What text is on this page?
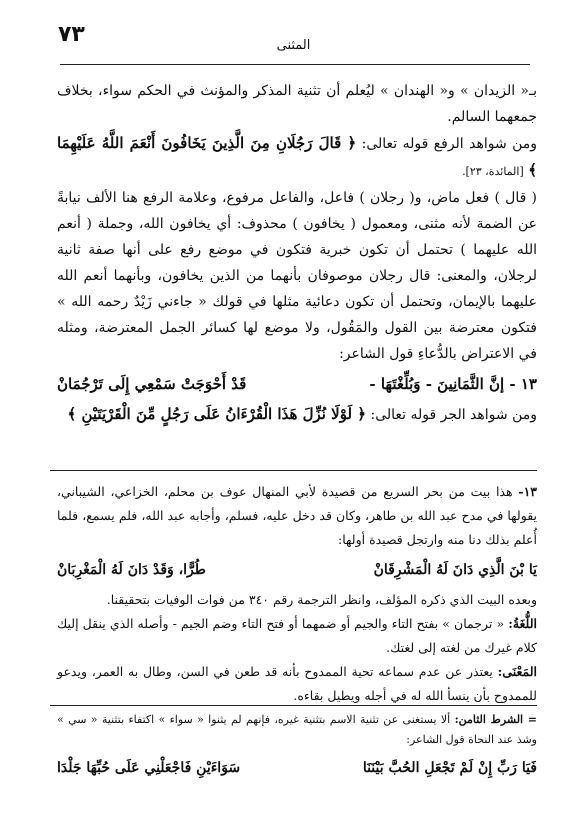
٧٣	المثنى

بـ« الزيدان » و« الهندان » ليُعلم أن تثنية المذكر والمؤنث في الحكم سواء، بخلاف جمعهما السالم.

ومن شواهد الرفع قوله تعالى: ﴿ قَالَ رَجُلَانِ مِنَ الَّذِينَ يَخَافُونَ أَنْعَمَ اللَّهُ عَلَيْهِمَا ﴾ [المائدة، ٢٣].

( قال ) فعل ماض، و( رجلان ) فاعل، والفاعل مرفوع، وعلامة الرفع هنا الألف نيابةً عن الضمة لأنه مثنى، ومعمول ( يخافون ) محذوف: أي يخافون الله، وجملة ( أنعم الله عليهما ) تحتمل أن تكون خبرية فتكون في موضع رفع على أنها صفة ثانية لرجلان، والمعنى: قال رجلان موصوفان بأنهما من الذين يخافون، وبأنهما أنعم الله عليهما بالإيمان، وتحتمل أن تكون دعائية مثلها في قولك « جاءني زَيْدٌ رحمه الله » فتكون معترضة بين القول والمَقُول، ولا موضع لها كسائر الجمل المعترضة، ومثله في الاعتراض بالدُّعاءِ قول الشاعر:

١٣ - إنَّ الثَّمَانِينَ - وَبُلِّغْتَهَا -
قَدْ أَحْوَجَتْ سَمْعِي إِلَى تَرْجُمَانْ

ومن شواهد الجر قوله تعالى: ﴿ لَوْلَا نُزِّلَ هَذَا الْقُرْءَانُ عَلَى رَجُلٍ مِّنَ الْقَرْيَتَيْنِ ﴾

١٣- هذا بيت من بحر السريع من قصيدة لأبي المنهال عوف بن محلم، الخزاعي، الشيباني، يقولها في مدح عبد الله بن طاهر، وكان قد دخل عليه، فسلم، وأجابه عبد الله، فلم يسمع، فلما أُعلم بذلك دنا منه وارتجل قصيدة أولها:

يَا بْنَ الَّذِي دَانَ لَهُ الْمَشْرِقَانْ
طُرًّا، وَقَدْ دَانَ لَهُ الْمَغْرِبَانْ

وبعده البيت الذي ذكره المؤلف، وانظر الترجمة رقم ٣٤٠ من فوات الوفيات بتحقيقنا.

اللُّغَةُ: « ترجمان » بفتح التاء والجيم أو ضمهما أو فتح التاء وضم الجيم - وأصله الذي ينقل إليك كلام غيرك من لغته إلى لغتك.

المَعْنَى: يعتذر عن عدم سماعه تحية الممدوح بأنه قد طعن في السن، وطال به العمر، ويدعو للممدوح بأن ينسأ الله له في أجله ويطيل بقاءه.

= الشرط الثامن: ألا يستغنى عن تثنية الاسم بتثنية غيره، فإنهم لم يثنوا « سواء » اكتفاء بتثنية « سي » وشذ عند النحاة قول الشاعر:

فَيَا رَبِّ إِنْ لَمْ تَجْعَلِ الحُبَّ بَيْنَنَا
سَوَاءَيْنِ فَاجْعَلْنِي عَلَى حُبِّهَا جَلْدَا
